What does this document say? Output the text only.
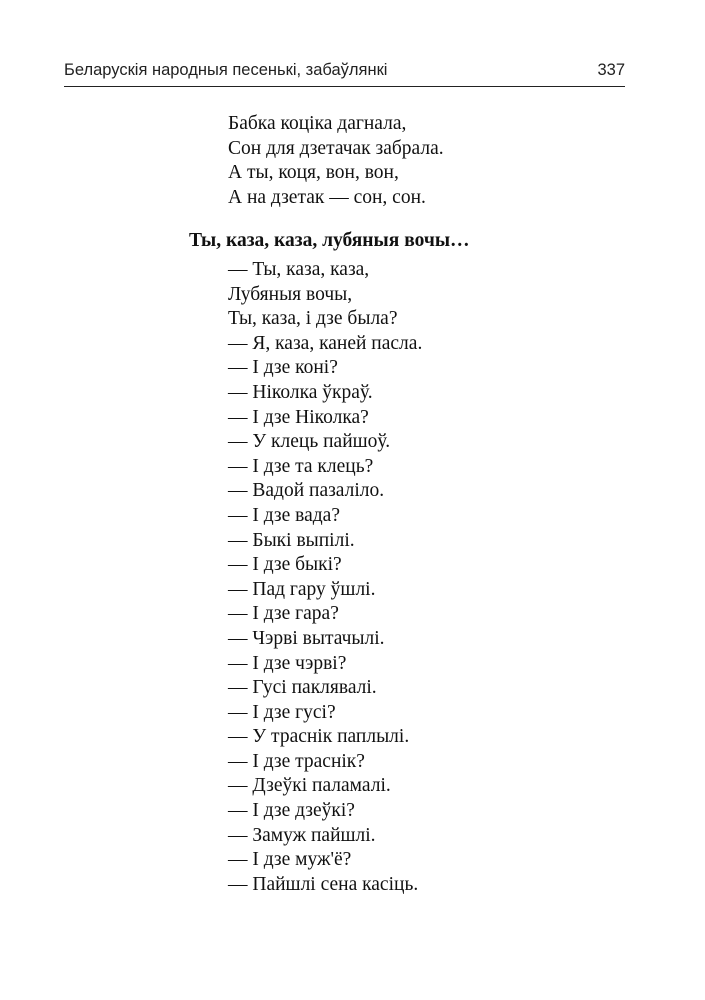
Беларускія народныя песенькі, забаўлянкі	337
Бабка коціка дагнала,
Сон для дзетачак забрала.
А ты, коця, вон, вон,
А на дзетак — сон, сон.
Ты, каза, каза, лубяныя вочы…
— Ты, каза, каза,
Лубяныя вочы,
Ты, каза, і дзе была?
— Я, каза, каней пасла.
— І дзе коні?
— Ніколка ўкраў.
— І дзе Ніколка?
— У клець пайшоў.
— І дзе та клець?
— Вадой пазаліло.
— І дзе вада?
— Быкі выпілі.
— І дзе быкі?
— Пад гару ўшлі.
— І дзе гара?
— Чэрві вытачылі.
— І дзе чэрві?
— Гусі паклявалі.
— І дзе гусі?
— У траснік паплылі.
— І дзе траснік?
— Дзеўкі паламалі.
— І дзе дзеўкі?
— Замуж пайшлі.
— І дзе муж'ё?
— Пайшлі сена касіць.
